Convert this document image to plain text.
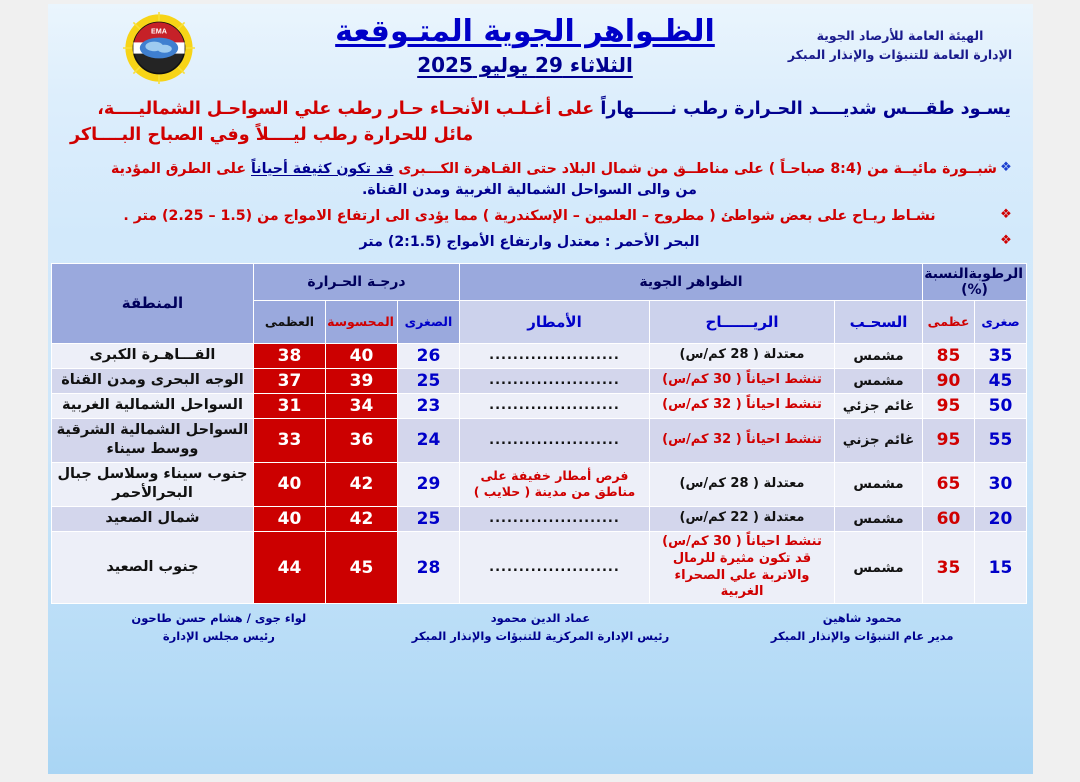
EMA	الهيئة العامة للأرصاد الجوية
الإدارة العامة للتنبؤات والإنذار المبكر
الظـواهر الجوية المتـوقعة
الثلاثاء 29 يوليو 2025
يسـود طقـــس شديــــد الحـرارة رطب نــــــهاراً على أغـلـب الأنحـاء حـار رطب علي السواحـل الشماليــــة،
مائل للحرارة رطب ليــــلاً وفي الصباح البــــاكر
❖
شبــورة مائيــة من (8:4 صباحـاً ) على مناطــق من شمال البلاد حتى القـاهرة الكـــبرى قد تكون كثيفة أحياناً على الطرق المؤدية
من والى السواحل الشمالية الغربية ومدن القناة.
❖
نشـاط ريـاح على بعض شواطئ ( مطروح – العلمين – الإسكندرية ) مما يؤدى الى ارتفاع الامواج من (1.5 – 2.25) متر .
❖
البحر الأحمر : معتدل وارتفاع الأمواج (2:1.5) متر
الرطوبةالنسبة (%)		الظواهر الجوية			درجـة الحـرارة			المنطقة
صغرى	عظمى	السحـب	الريــــــاح	الأمطار	الصغرى	المحسوسة	العظمى	
35	85	مشمس	معتدلة ( 28 كم/س)	......................	26	40	38	القـــاهـرة الكبرى
45	90	مشمس	تنشط احياناً ( 30 كم/س)	......................	25	39	37	الوجه البحرى ومدن القناة
50	95	غائم جزئي	تنشط احياناً ( 32 كم/س)	......................	23	34	31	السواحل الشمالية الغربية
55	95	غائم جزني	تنشط احياناً ( 32 كم/س)	......................	24	36	33	السواحل الشمالية الشرقية ووسط سيناء
30	65	مشمس	معتدلة ( 28 كم/س)	فرص أمطار خفيفة على مناطق من مدينة ( حلايب )	29	42	40	جنوب سيناء وسلاسل جبال البحرالأحمر
20	60	مشمس	معتدلة ( 22 كم/س)	......................	25	42	40	شمال الصعيد
15	35	مشمس	تنشط احياناً ( 30 كم/س)
قد تكون مثيرة للرمال والاتربة علي الصحراء الغربية	......................	28	45	44	جنوب الصعيد
محمود شاهين
مدير عام التنبؤات والإنذار المبكر
عماد الدين محمود
رئيس الإدارة المركزية للتنبؤات والإنذار المبكر
لواء جوى / هشام حسن طاحون
رئيس مجلس الإدارة
